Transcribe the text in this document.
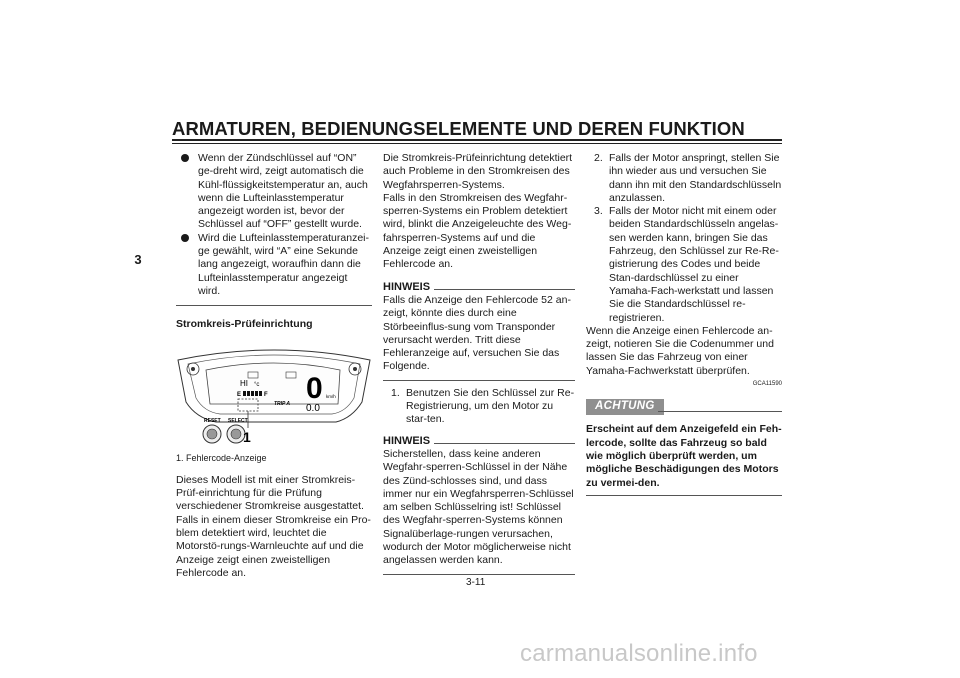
ARMATUREN, BEDIENUNGSELEMENTE UND DEREN FUNKTION
3

Wenn der Zündschlüssel auf “ON” ge-dreht wird, zeigt automatisch die Kühl-flüssigkeitstemperatur an, auch wenn die Lufteinlasstemperatur angezeigt worden ist, bevor der Schlüssel auf “OFF” gestellt wurde.

Wird die Lufteinlasstemperaturanzei-ge gewählt, wird “A” eine Sekunde lang angezeigt, woraufhin dann die Lufteinlasstemperatur angezeigt wird.

Stromkreis-Prüfeinrichtung

HI °c
E	F 0 km/h
TRIP A 0.0
RESET SELECT
1

1. Fehlercode-Anzeige

Dieses Modell ist mit einer Stromkreis-Prüf-einrichtung für die Prüfung verschiedener Stromkreise ausgestattet.
Falls in einem dieser Stromkreise ein Pro-blem detektiert wird, leuchtet die Motorstö-rungs-Warnleuchte auf und die Anzeige zeigt einen zweistelligen Fehlercode an.

Die Stromkreis-Prüfeinrichtung detektiert auch Probleme in den Stromkreisen des Wegfahrsperren-Systems.
Falls in den Stromkreisen des Wegfahr-sperren-Systems ein Problem detektiert wird, blinkt die Anzeigeleuchte des Weg-fahrsperren-Systems auf und die Anzeige zeigt einen zweistelligen Fehlercode an.

HINWEIS

Falls die Anzeige den Fehlercode 52 an-zeigt, könnte dies durch eine Störbeeinflus-sung vom Transponder verursacht werden. Tritt diese Fehleranzeige auf, versuchen Sie das Folgende.

1. Benutzen Sie den Schlüssel zur Re-Registrierung, um den Motor zu star-ten.

HINWEIS

Sicherstellen, dass keine anderen Wegfahr-sperren-Schlüssel in der Nähe des Zünd-schlosses sind, und dass immer nur ein Wegfahrsperren-Schlüssel am selben Schlüsselring ist! Schlüssel des Wegfahr-sperren-Systems können Signalüberlage-rungen verursachen, wodurch der Motor möglicherweise nicht angelassen werden kann.

2. Falls der Motor anspringt, stellen Sie ihn wieder aus und versuchen Sie dann ihn mit den Standardschlüsseln anzulassen.

3. Falls der Motor nicht mit einem oder beiden Standardschlüsseln angelas-sen werden kann, bringen Sie das Fahrzeug, den Schlüssel zur Re-Re-gistrierung des Codes und beide Stan-dardschlüssel zu einer Yamaha-Fach-werkstatt und lassen Sie die Standardschlüssel re-registrieren.

Wenn die Anzeige einen Fehlercode an-zeigt, notieren Sie die Codenummer und lassen Sie das Fahrzeug von einer Yamaha-Fachwerkstatt überprüfen.

GCA11590

ACHTUNG

Erscheint auf dem Anzeigefeld ein Feh-lercode, sollte das Fahrzeug so bald wie möglich überprüft werden, um mögliche Beschädigungen des Motors zu vermei-den.

3-11
carmanualsonline.info
